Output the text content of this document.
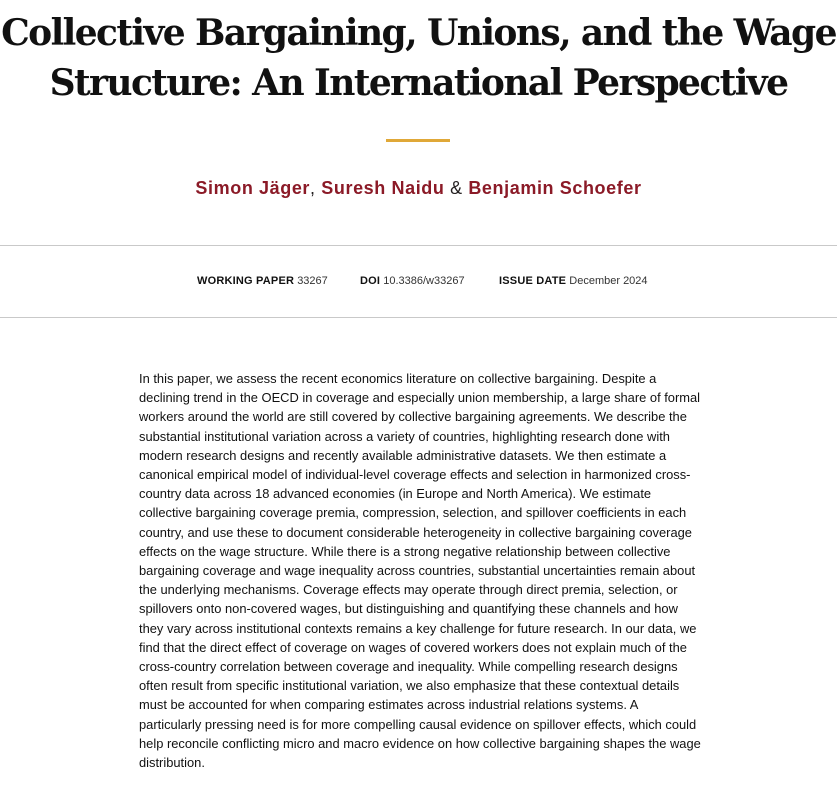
Collective Bargaining, Unions, and the Wage Structure: An International Perspective
Simon Jäger, Suresh Naidu & Benjamin Schoefer
WORKING PAPER 33267	DOI 10.3386/w33267	ISSUE DATE December 2024

In this paper, we assess the recent economics literature on collective bargaining. Despite a declining trend in the OECD in coverage and especially union membership, a large share of formal workers around the world are still covered by collective bargaining agreements. We describe the substantial institutional variation across a variety of countries, highlighting research done with modern research designs and recently available administrative datasets. We then estimate a canonical empirical model of individual-level coverage effects and selection in harmonized cross-country data across 18 advanced economies (in Europe and North America). We estimate collective bargaining coverage premia, compression, selection, and spillover coefficients in each country, and use these to document considerable heterogeneity in collective bargaining coverage effects on the wage structure. While there is a strong negative relationship between collective bargaining coverage and wage inequality across countries, substantial uncertainties remain about the underlying mechanisms. Coverage effects may operate through direct premia, selection, or spillovers onto non-covered wages, but distinguishing and quantifying these channels and how they vary across institutional contexts remains a key challenge for future research. In our data, we find that the direct effect of coverage on wages of covered workers does not explain much of the cross-country correlation between coverage and inequality. While compelling research designs often result from specific institutional variation, we also emphasize that these contextual details must be accounted for when comparing estimates across industrial relations systems. A particularly pressing need is for more compelling causal evidence on spillover effects, which could help reconcile conflicting micro and macro evidence on how collective bargaining shapes the wage distribution.
